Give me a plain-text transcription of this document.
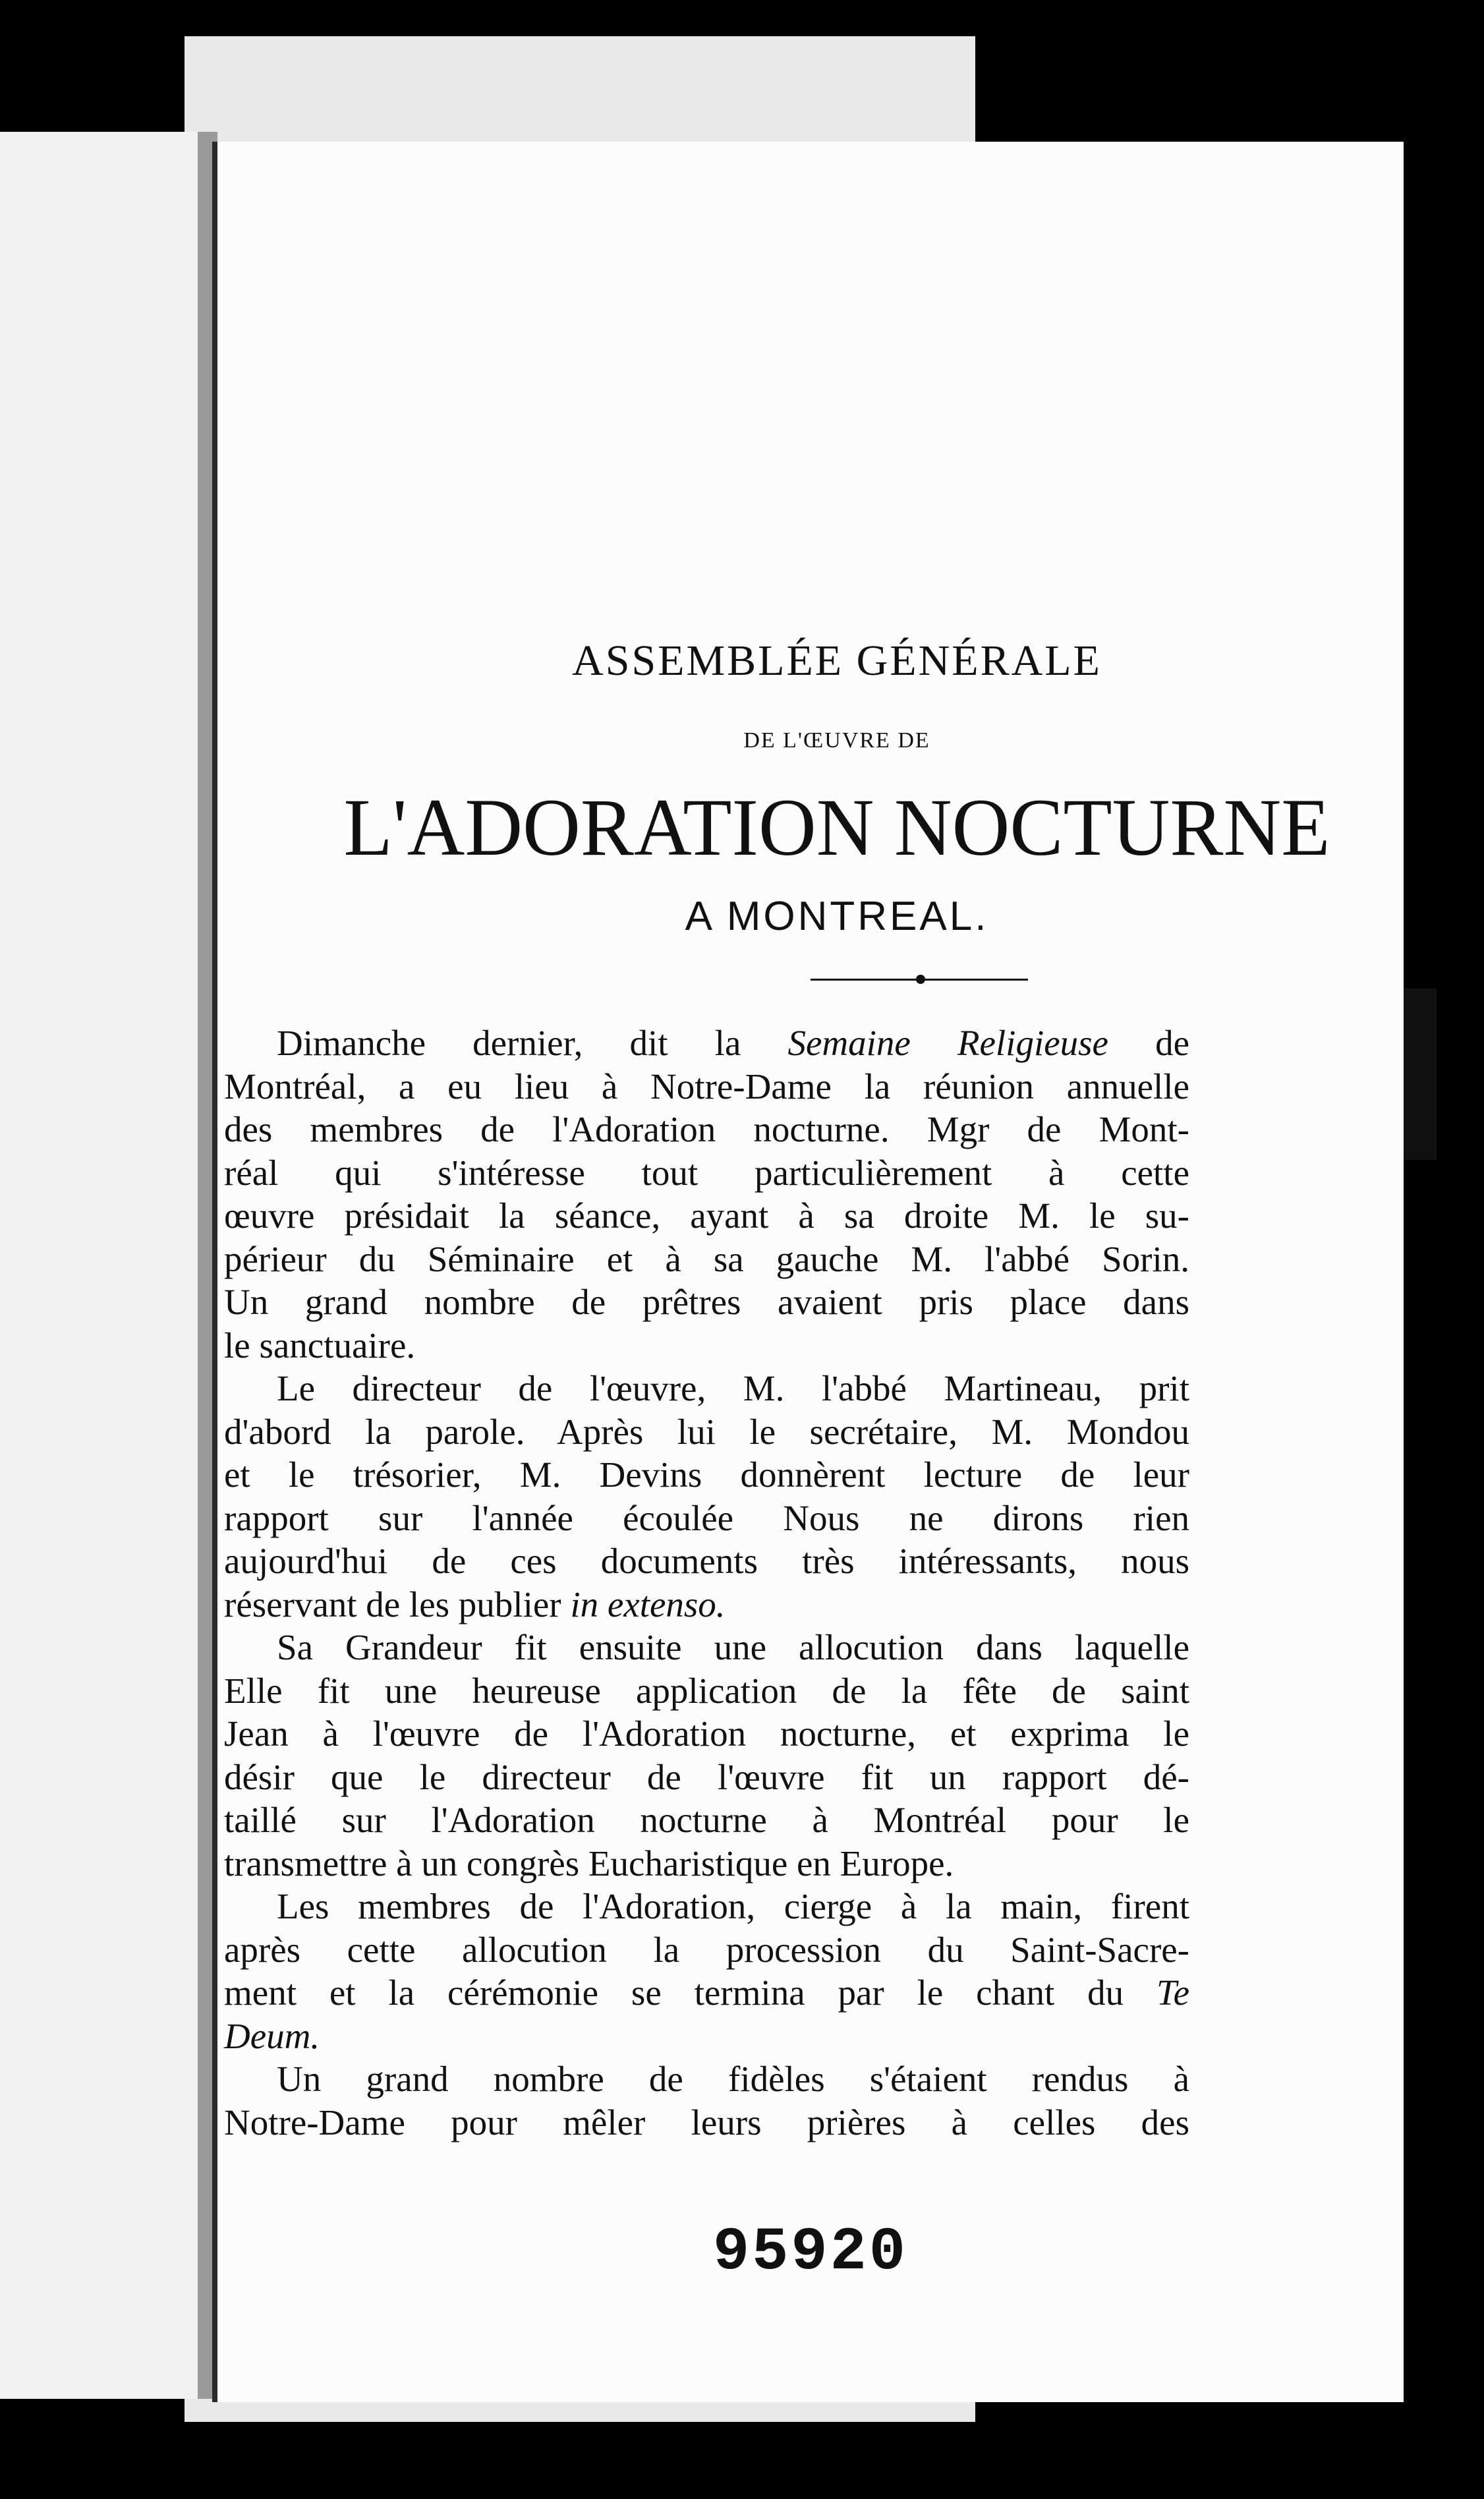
ASSEMBLÉE GÉNÉRALE
DE L'ŒUVRE DE
L'ADORATION NOCTURNE
A MONTREAL.
Dimanche dernier, dit la Semaine Religieuse de
Montréal, a eu lieu à Notre-Dame la réunion annuelle
des membres de l'Adoration nocturne. Mgr de Mont-
réal qui s'intéresse tout particulièrement à cette
œuvre présidait la séance, ayant à sa droite M. le su-
périeur du Séminaire et à sa gauche M. l'abbé Sorin.
Un grand nombre de prêtres avaient pris place dans
le sanctuaire.
Le directeur de l'œuvre, M. l'abbé Martineau, prit
d'abord la parole. Après lui le secrétaire, M. Mondou
et le trésorier, M. Devins donnèrent lecture de leur
rapport sur l'année écoulée Nous ne dirons rien
aujourd'hui de ces documents très intéressants, nous
réservant de les publier in extenso.
Sa Grandeur fit ensuite une allocution dans laquelle
Elle fit une heureuse application de la fête de saint
Jean à l'œuvre de l'Adoration nocturne, et exprima le
désir que le directeur de l'œuvre fit un rapport dé-
taillé sur l'Adoration nocturne à Montréal pour le
transmettre à un congrès Eucharistique en Europe.
Les membres de l'Adoration, cierge à la main, firent
après cette allocution la procession du Saint-Sacre-
ment et la cérémonie se termina par le chant du Te
Deum.
Un grand nombre de fidèles s'étaient rendus à
Notre-Dame pour mêler leurs prières à celles des
95920
